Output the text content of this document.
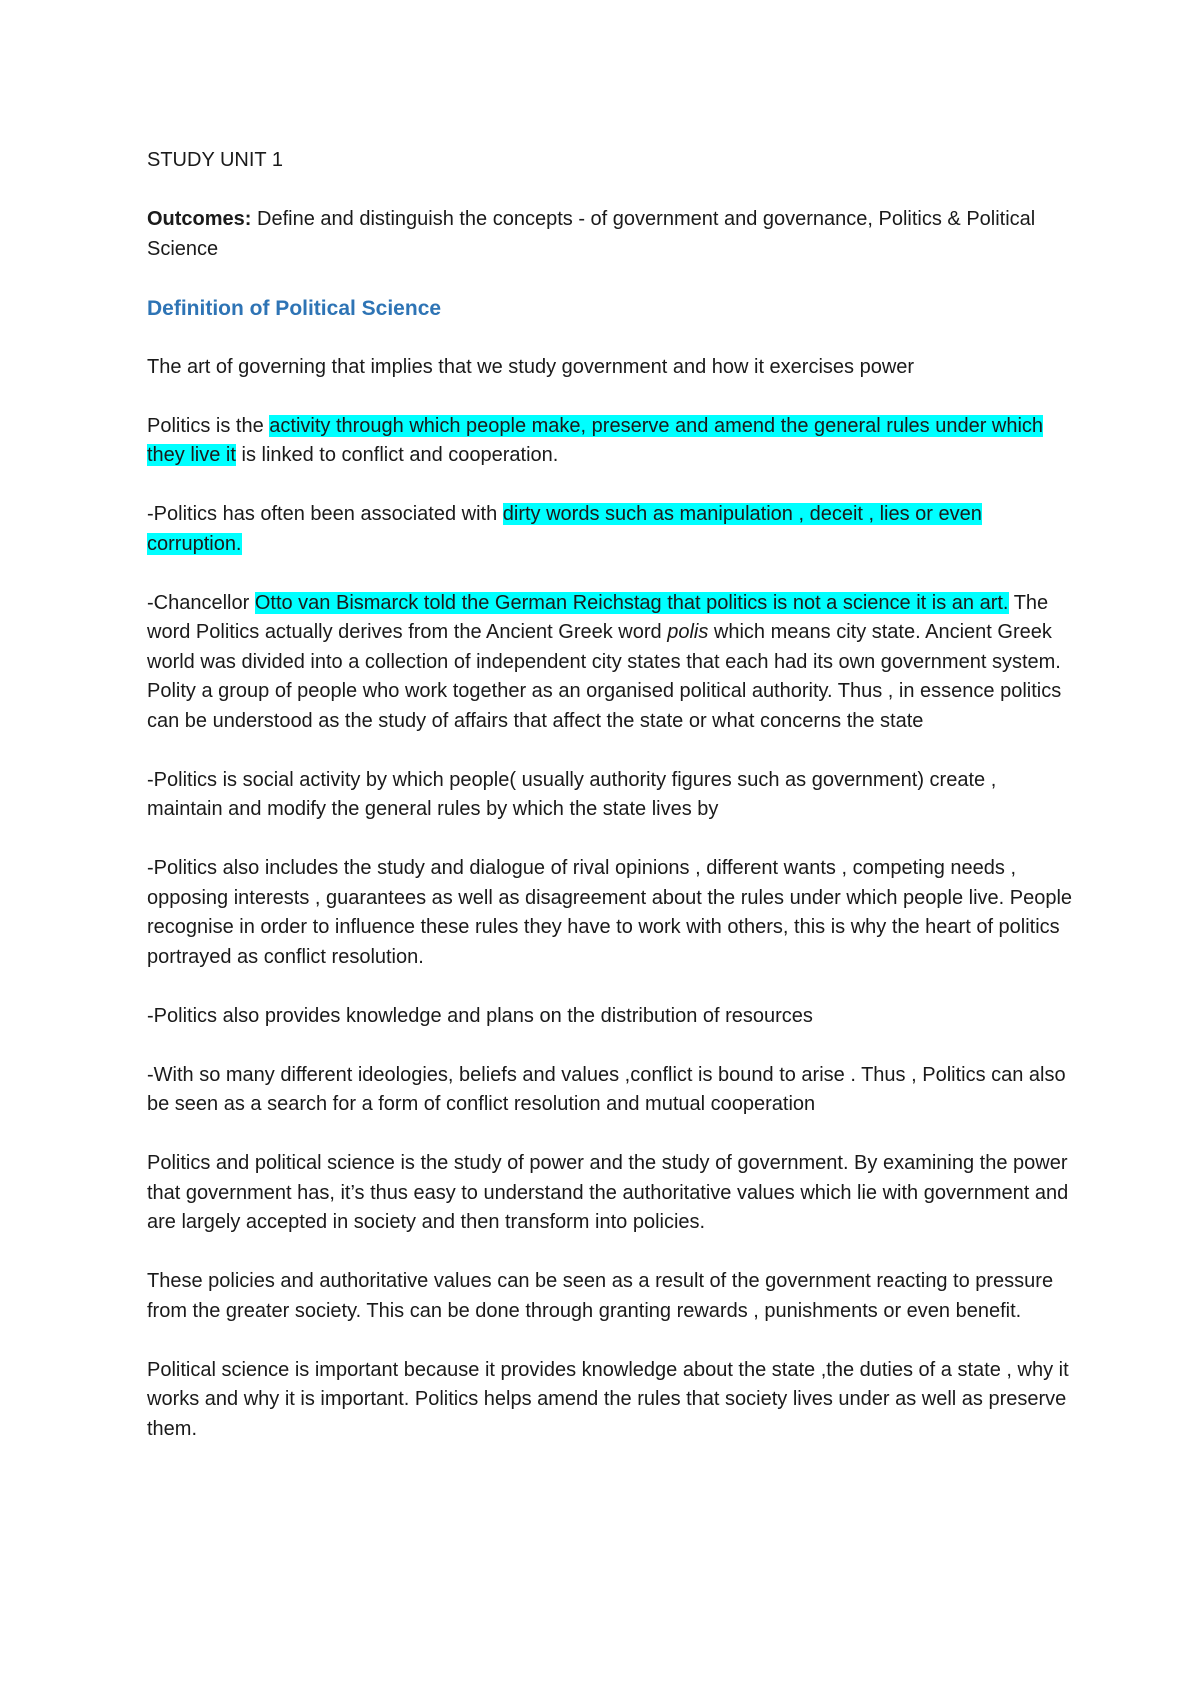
STUDY UNIT 1

Outcomes: Define and distinguish the concepts - of government and governance, Politics & Political Science

Definition of Political Science

The art of governing that implies that we study government and how it exercises power

Politics is the activity through which people make, preserve and amend the general rules under which they live it is linked to conflict and cooperation.

-Politics has often been associated with dirty words such as manipulation , deceit , lies or even corruption.

-Chancellor Otto van Bismarck told the German Reichstag that politics is not a science it is an art. The word Politics actually derives from the Ancient Greek word polis which means city state. Ancient Greek world was divided into a collection of independent city states that each had its own government system. Polity a group of people who work together as an organised political authority. Thus , in essence politics can be understood as the study of affairs that affect the state or what concerns the state

-Politics is social activity by which people( usually authority figures such as government) create , maintain and modify the general rules by which the state lives by

-Politics also includes the study and dialogue of rival opinions , different wants , competing needs , opposing interests , guarantees as well as disagreement about the rules under which people live. People recognise in order to influence these rules they have to work with others, this is why the heart of politics portrayed as conflict resolution.

-Politics also provides knowledge and plans on the distribution of resources

-With so many different ideologies, beliefs and values ,conflict is bound to arise . Thus , Politics can also be seen as a search for a form of conflict resolution and mutual cooperation

Politics and political science is the study of power and the study of government. By examining the power that government has, it’s thus easy to understand the authoritative values which lie with government and are largely accepted in society and then transform into policies.

These policies and authoritative values can be seen as a result of the government reacting to pressure from the greater society. This can be done through granting rewards , punishments or even benefit.

Political science is important because it provides knowledge about the state ,the duties of a state , why it works and why it is important. Politics helps amend the rules that society lives under as well as preserve them.
